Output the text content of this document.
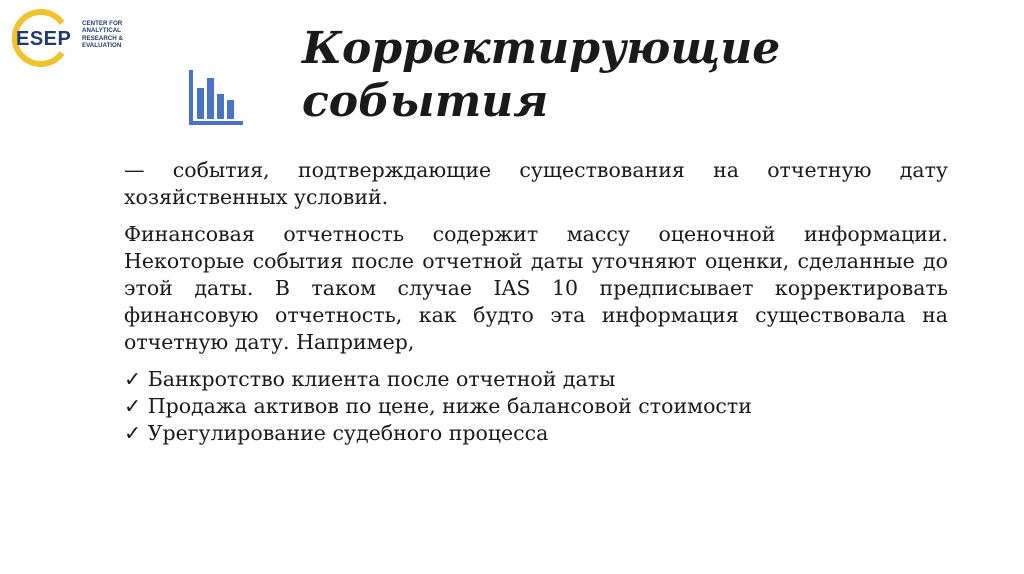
ESEP
CENTER FOR
ANALYTICAL
RESEARCH &
EVALUATION	Корректирующие
события

— события, подтверждающие существования на отчетную дату хозяйственных условий.

Финансовая отчетность содержит массу оценочной информации. Некоторые события после отчетной даты уточняют оценки, сделанные до этой даты. В таком случае IAS 10 предписывает корректировать финансовую отчетность, как будто эта информация существовала на отчетную дату. Например,

✓ Банкротство клиента после отчетной даты
✓ Продажа активов по цене, ниже балансовой стоимости
✓ Урегулирование судебного процесса
